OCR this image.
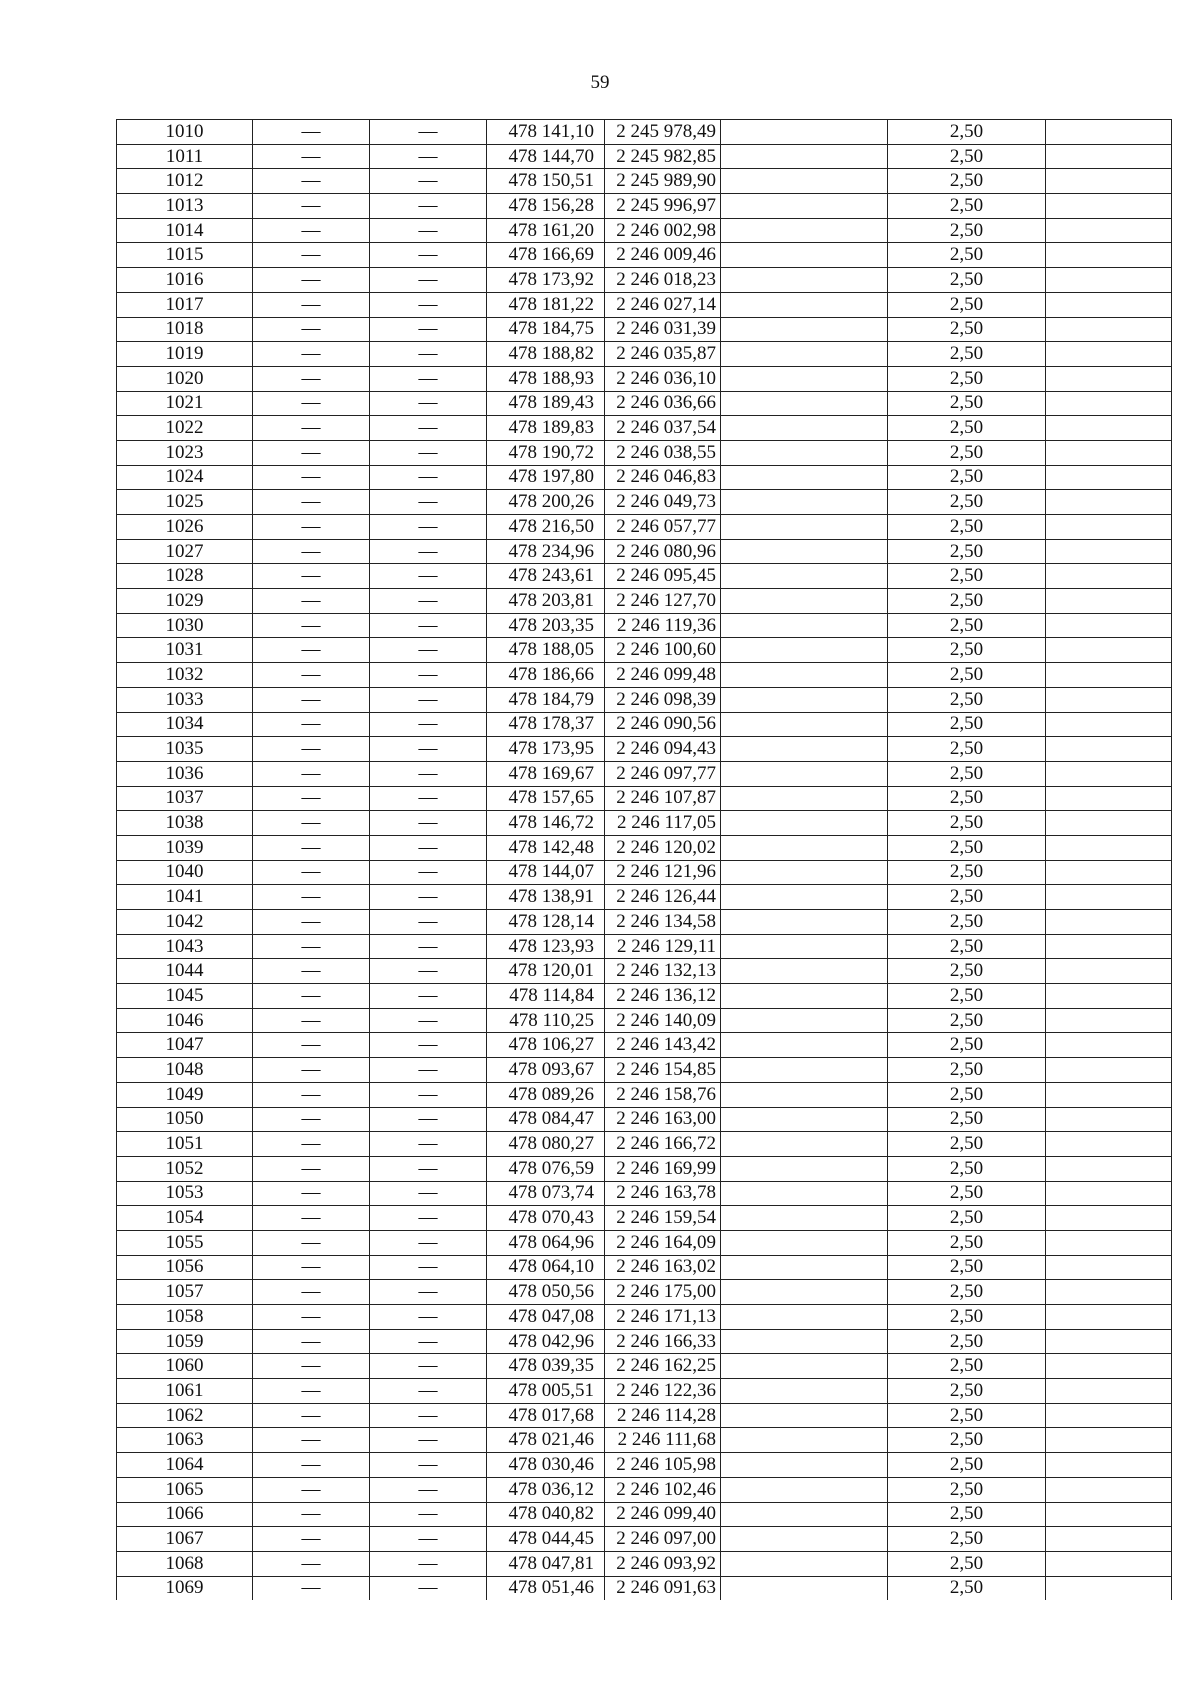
59
1010	—	—	478 141,10	2 245 978,49		2,50	
1011	—	—	478 144,70	2 245 982,85		2,50	
1012	—	—	478 150,51	2 245 989,90		2,50	
1013	—	—	478 156,28	2 245 996,97		2,50	
1014	—	—	478 161,20	2 246 002,98		2,50	
1015	—	—	478 166,69	2 246 009,46		2,50	
1016	—	—	478 173,92	2 246 018,23		2,50	
1017	—	—	478 181,22	2 246 027,14		2,50	
1018	—	—	478 184,75	2 246 031,39		2,50	
1019	—	—	478 188,82	2 246 035,87		2,50	
1020	—	—	478 188,93	2 246 036,10		2,50	
1021	—	—	478 189,43	2 246 036,66		2,50	
1022	—	—	478 189,83	2 246 037,54		2,50	
1023	—	—	478 190,72	2 246 038,55		2,50	
1024	—	—	478 197,80	2 246 046,83		2,50	
1025	—	—	478 200,26	2 246 049,73		2,50	
1026	—	—	478 216,50	2 246 057,77		2,50	
1027	—	—	478 234,96	2 246 080,96		2,50	
1028	—	—	478 243,61	2 246 095,45		2,50	
1029	—	—	478 203,81	2 246 127,70		2,50	
1030	—	—	478 203,35	2 246 119,36		2,50	
1031	—	—	478 188,05	2 246 100,60		2,50	
1032	—	—	478 186,66	2 246 099,48		2,50	
1033	—	—	478 184,79	2 246 098,39		2,50	
1034	—	—	478 178,37	2 246 090,56		2,50	
1035	—	—	478 173,95	2 246 094,43		2,50	
1036	—	—	478 169,67	2 246 097,77		2,50	
1037	—	—	478 157,65	2 246 107,87		2,50	
1038	—	—	478 146,72	2 246 117,05		2,50	
1039	—	—	478 142,48	2 246 120,02		2,50	
1040	—	—	478 144,07	2 246 121,96		2,50	
1041	—	—	478 138,91	2 246 126,44		2,50	
1042	—	—	478 128,14	2 246 134,58		2,50	
1043	—	—	478 123,93	2 246 129,11		2,50	
1044	—	—	478 120,01	2 246 132,13		2,50	
1045	—	—	478 114,84	2 246 136,12		2,50	
1046	—	—	478 110,25	2 246 140,09		2,50	
1047	—	—	478 106,27	2 246 143,42		2,50	
1048	—	—	478 093,67	2 246 154,85		2,50	
1049	—	—	478 089,26	2 246 158,76		2,50	
1050	—	—	478 084,47	2 246 163,00		2,50	
1051	—	—	478 080,27	2 246 166,72		2,50	
1052	—	—	478 076,59	2 246 169,99		2,50	
1053	—	—	478 073,74	2 246 163,78		2,50	
1054	—	—	478 070,43	2 246 159,54		2,50	
1055	—	—	478 064,96	2 246 164,09		2,50	
1056	—	—	478 064,10	2 246 163,02		2,50	
1057	—	—	478 050,56	2 246 175,00		2,50	
1058	—	—	478 047,08	2 246 171,13		2,50	
1059	—	—	478 042,96	2 246 166,33		2,50	
1060	—	—	478 039,35	2 246 162,25		2,50	
1061	—	—	478 005,51	2 246 122,36		2,50	
1062	—	—	478 017,68	2 246 114,28		2,50	
1063	—	—	478 021,46	2 246 111,68		2,50	
1064	—	—	478 030,46	2 246 105,98		2,50	
1065	—	—	478 036,12	2 246 102,46		2,50	
1066	—	—	478 040,82	2 246 099,40		2,50	
1067	—	—	478 044,45	2 246 097,00		2,50	
1068	—	—	478 047,81	2 246 093,92		2,50	
1069	—	—	478 051,46	2 246 091,63		2,50	
